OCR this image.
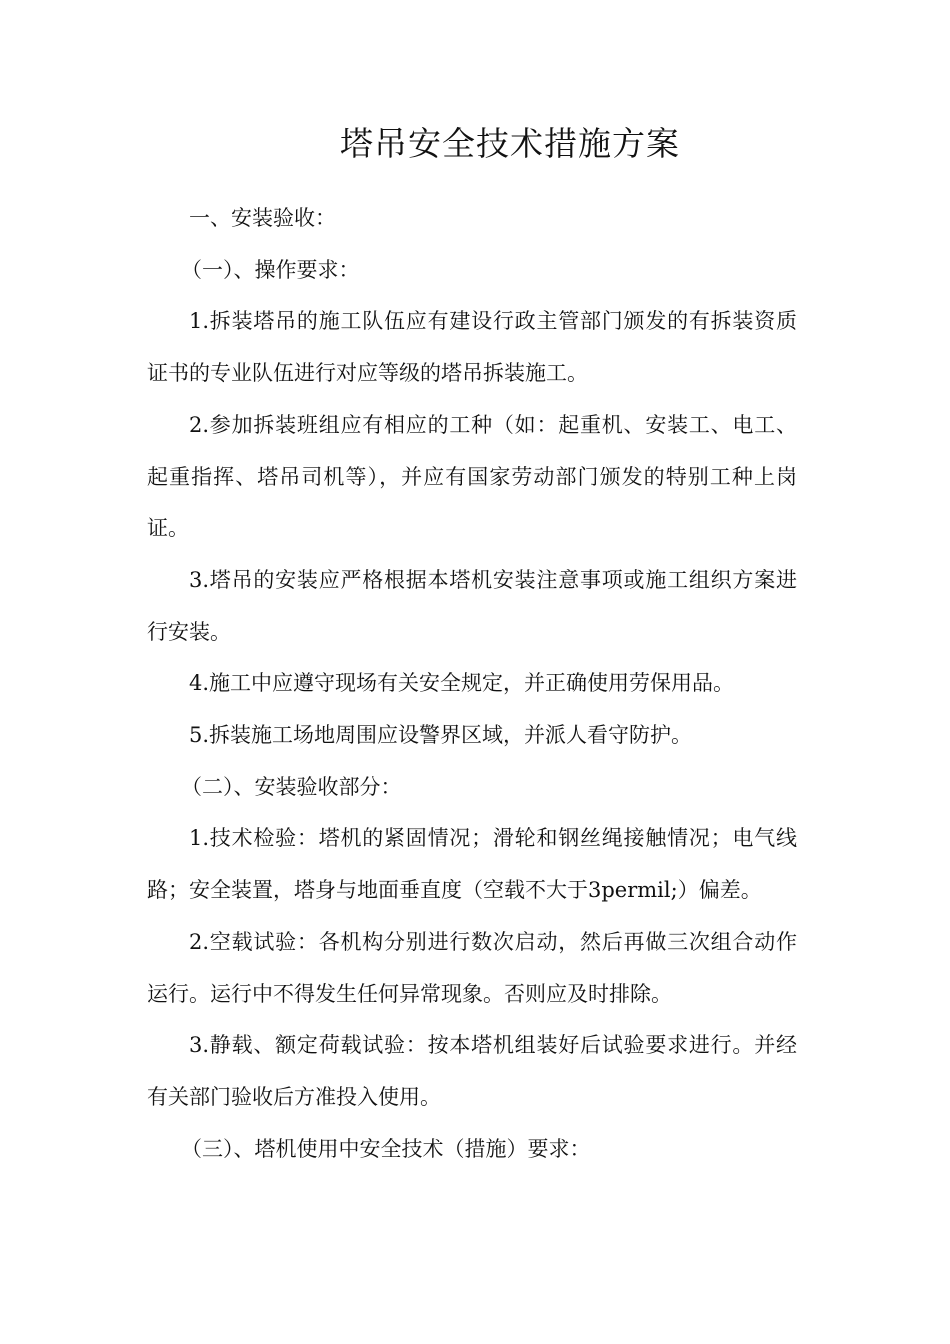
塔吊安全技术措施方案

一、安装验收：

（一）、操作要求：

1.拆装塔吊的施工队伍应有建设行政主管部门颁发的有拆装资质证书的专业队伍进行对应等级的塔吊拆装施工。

2.参加拆装班组应有相应的工种（如：起重机、安装工、电工、起重指挥、塔吊司机等），并应有国家劳动部门颁发的特别工种上岗证。

3.塔吊的安装应严格根据本塔机安装注意事项或施工组织方案进行安装。

4.施工中应遵守现场有关安全规定，并正确使用劳保用品。

5.拆装施工场地周围应设警界区域，并派人看守防护。

（二）、安装验收部分：

1.技术检验：塔机的紧固情况；滑轮和钢丝绳接触情况；电气线路；安全装置，塔身与地面垂直度（空载不大于3permil;）偏差。

2.空载试验：各机构分别进行数次启动，然后再做三次组合动作运行。运行中不得发生任何异常现象。否则应及时排除。

3.静载、额定荷载试验：按本塔机组装好后试验要求进行。并经有关部门验收后方准投入使用。

（三）、塔机使用中安全技术（措施）要求：
